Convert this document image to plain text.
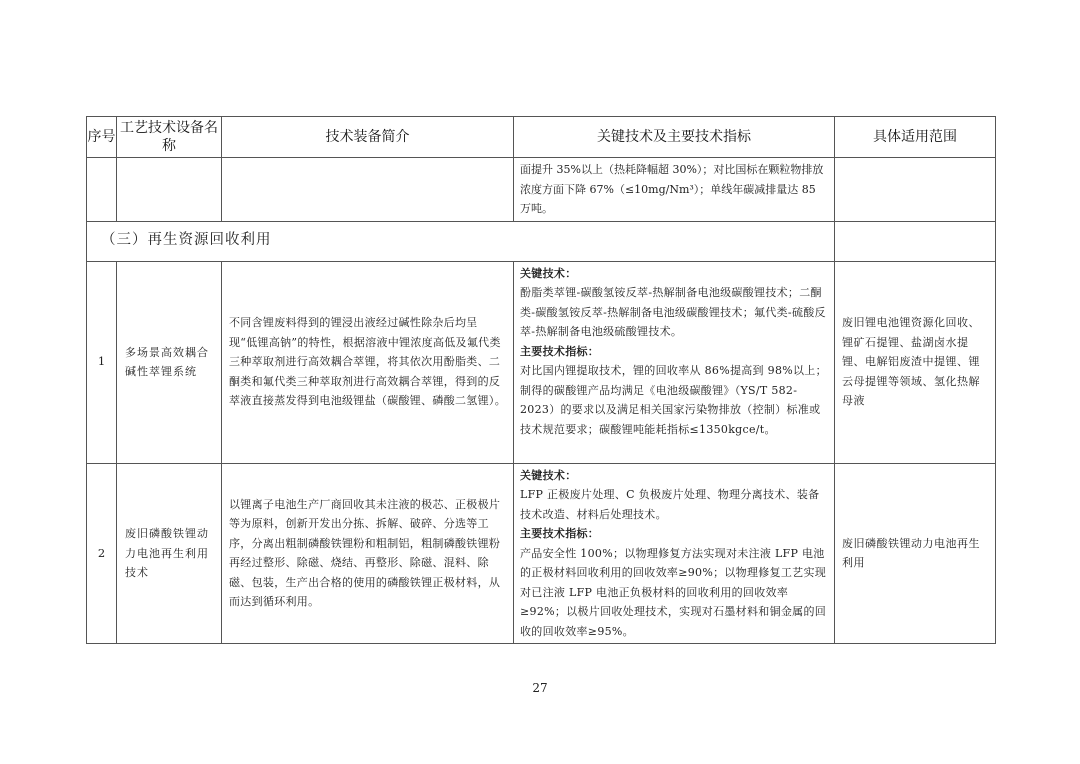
序号	工艺技术设备名称	技术装备简介	关键技术及主要技术指标	具体适用范围
			面提升 35%以上（热耗降幅超 30%）；对比国标在颗粒物排放浓度方面下降 67%（≤10mg/Nm³）；单线年碳减排量达 85 万吨。	
（三）再生资源回收利用				
1	多场景高效耦合碱性萃锂系统	不同含锂废料得到的锂浸出液经过碱性除杂后均呈现“低锂高钠”的特性，根据溶液中锂浓度高低及氟代类三种萃取剂进行高效耦合萃锂，将其依次用酚脂类、二酮类和氟代类三种萃取剂进行高效耦合萃锂，得到的反萃液直接蒸发得到电池级锂盐（碳酸锂、磷酸二氢锂）。	关键技术：
酚脂类萃锂-碳酸氢铵反萃-热解制备电池级碳酸锂技术；二酮类-碳酸氢铵反萃-热解制备电池级碳酸锂技术；氟代类-硫酸反萃-热解制备电池级硫酸锂技术。
主要技术指标：
对比国内锂提取技术，锂的回收率从 86%提高到 98%以上；制得的碳酸锂产品均满足《电池级碳酸锂》（YS/T 582-2023）的要求以及满足相关国家污染物排放（控制）标准或技术规范要求；碳酸锂吨能耗指标≤1350kgce/t。	废旧锂电池锂资源化回收、锂矿石提锂、盐湖卤水提锂、电解铝废渣中提锂、锂云母提锂等领域、氢化热解母液
2	废旧磷酸铁锂动力电池再生利用技术	以锂离子电池生产厂商回收其未注液的极芯、正极极片等为原料，创新开发出分拣、拆解、破碎、分选等工序，分离出粗制磷酸铁锂粉和粗制铝，粗制磷酸铁锂粉再经过整形、除磁、烧结、再整形、除磁、混料、除磁、包装，生产出合格的使用的磷酸铁锂正极材料，从而达到循环利用。	关键技术：
LFP 正极废片处理、C 负极废片处理、物理分离技术、装备技术改造、材料后处理技术。
主要技术指标：
产品安全性 100%；以物理修复方法实现对未注液 LFP 电池的正极材料回收利用的回收效率≥90%；以物理修复工艺实现对已注液 LFP 电池正负极材料的回收利用的回收效率≥92%；以极片回收处理技术，实现对石墨材料和铜金属的回收的回收效率≥95%。	废旧磷酸铁锂动力电池再生利用
27
